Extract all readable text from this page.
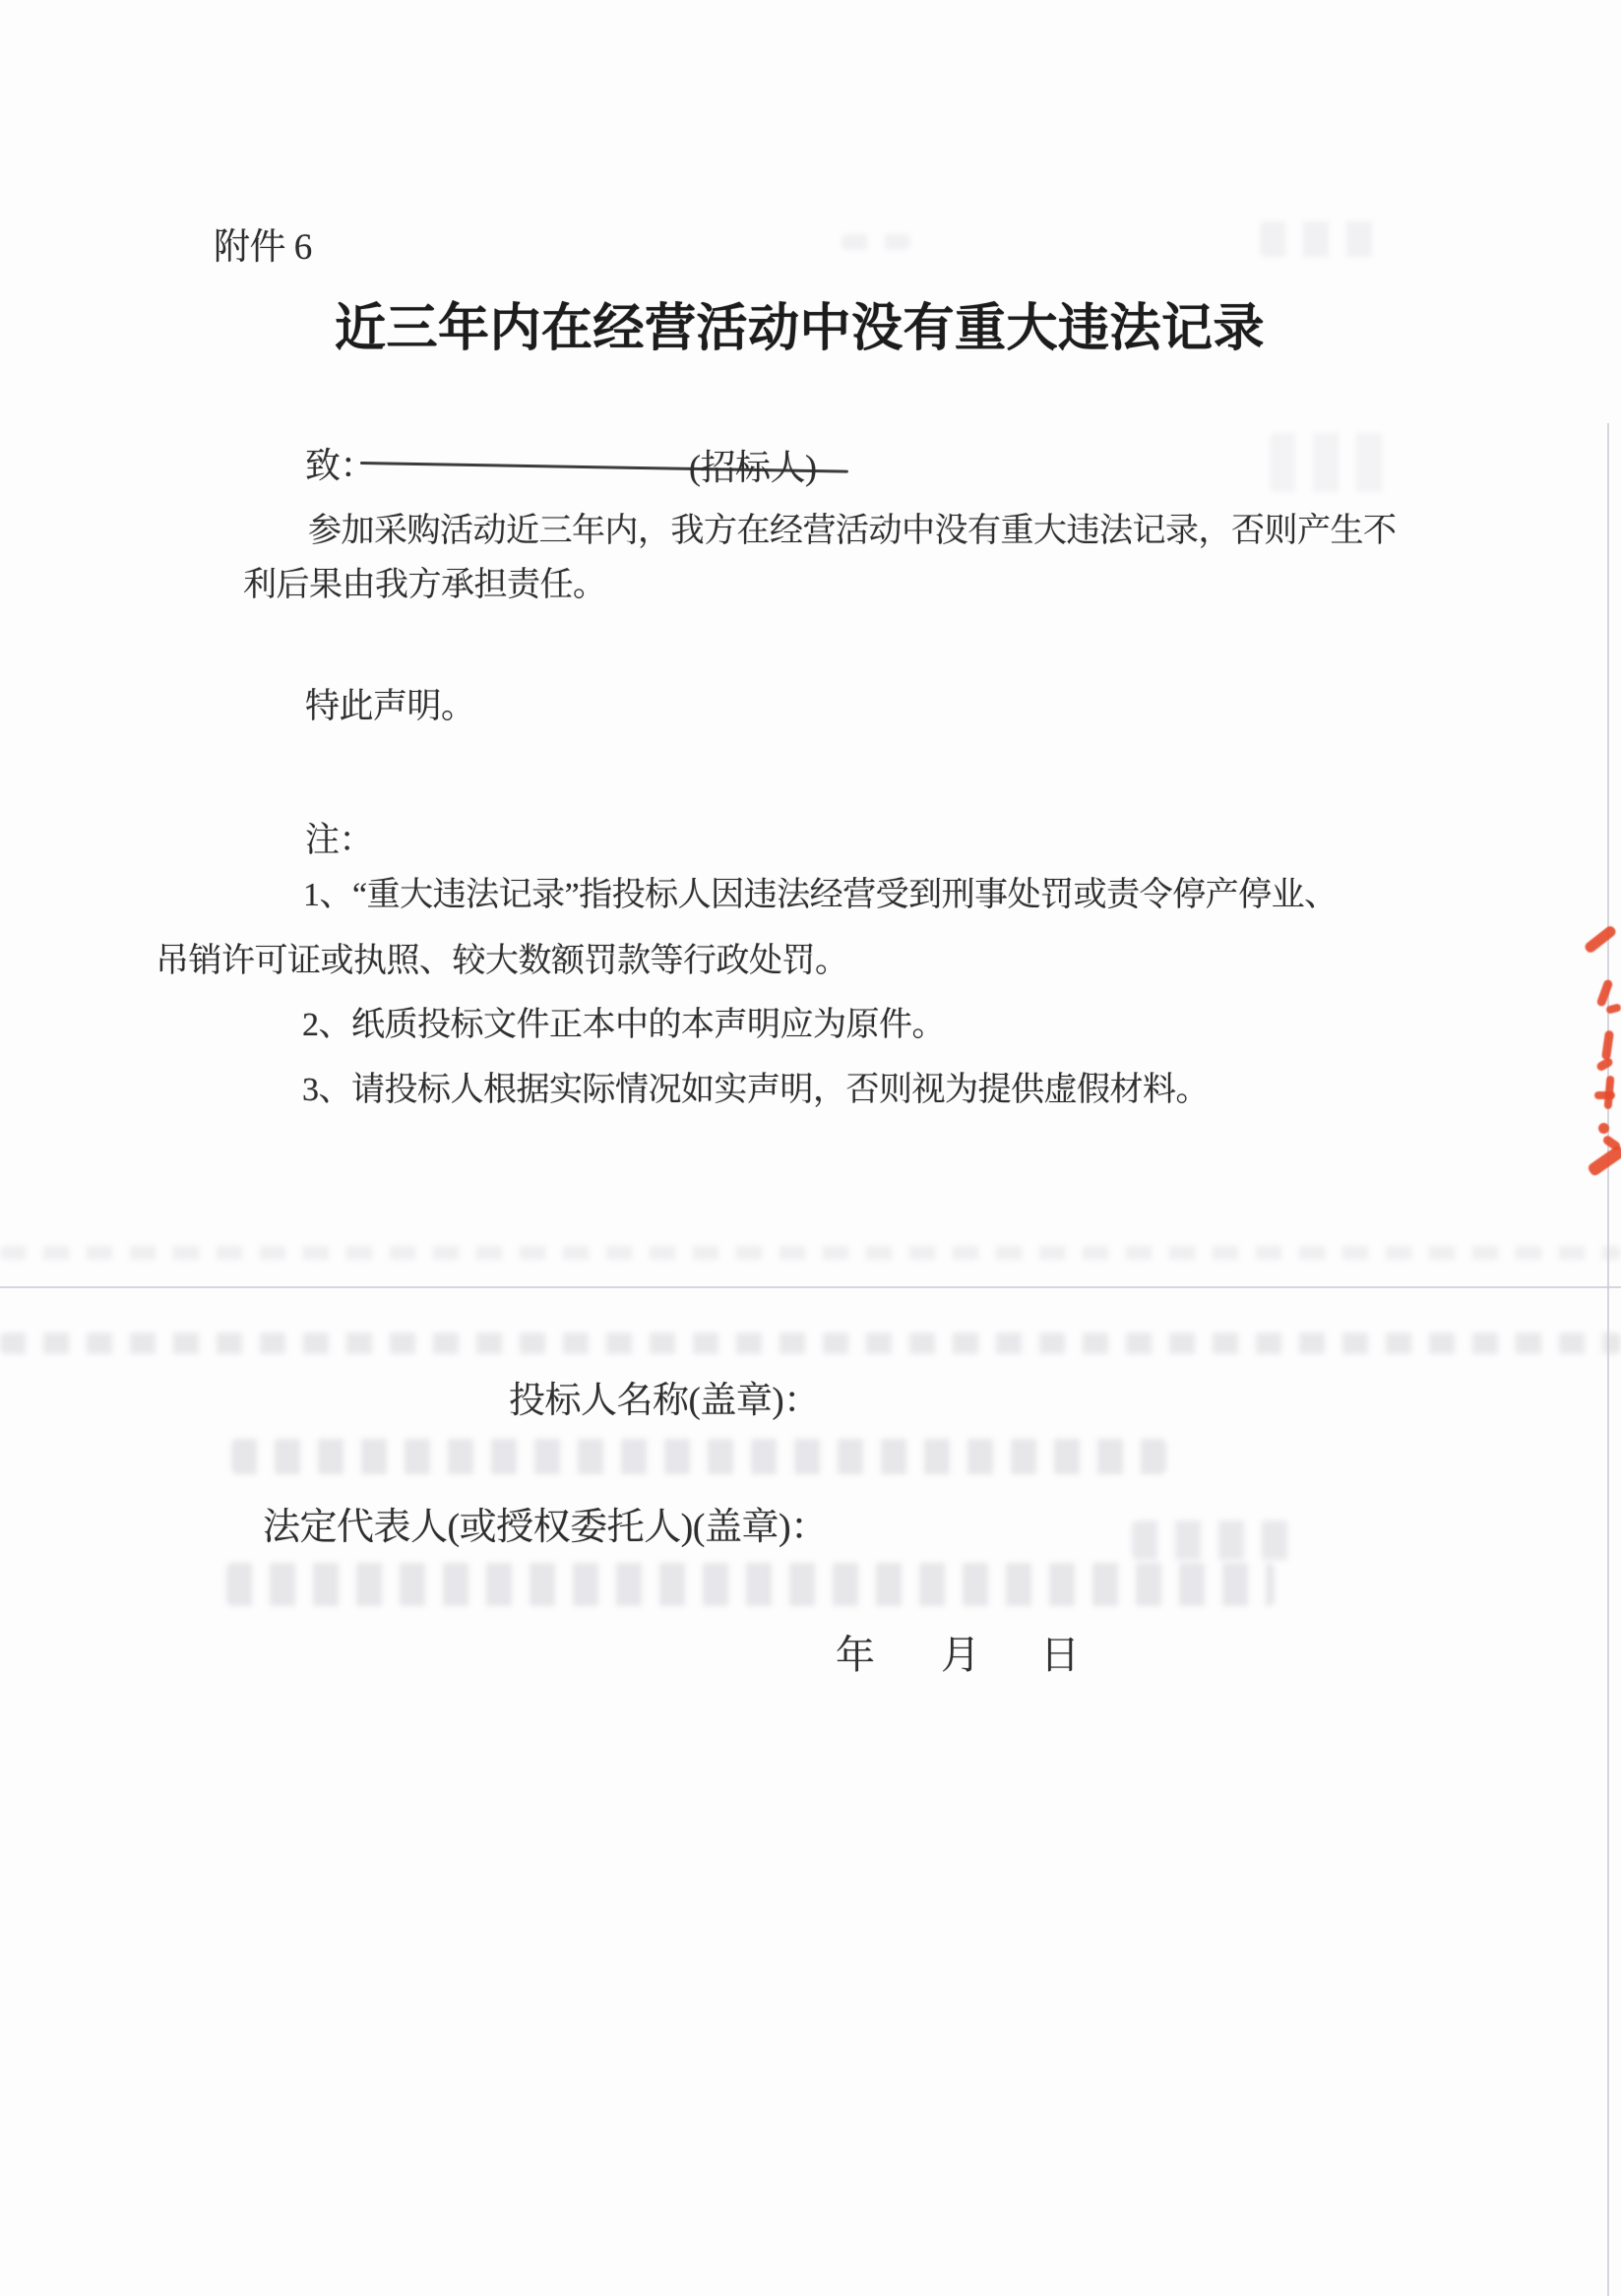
附件 6
近三年内在经营活动中没有重大违法记录
致：	(招标人)
参加采购活动近三年内，我方在经营活动中没有重大违法记录，否则产生不
利后果由我方承担责任。
特此声明。
注：
1、“重大违法记录”指投标人因违法经营受到刑事处罚或责令停产停业、
吊销许可证或执照、较大数额罚款等行政处罚。
2、纸质投标文件正本中的本声明应为原件。
3、请投标人根据实际情况如实声明，否则视为提供虚假材料。
投标人名称(盖章)：
法定代表人(或授权委托人)(盖章)：
年 月 日
